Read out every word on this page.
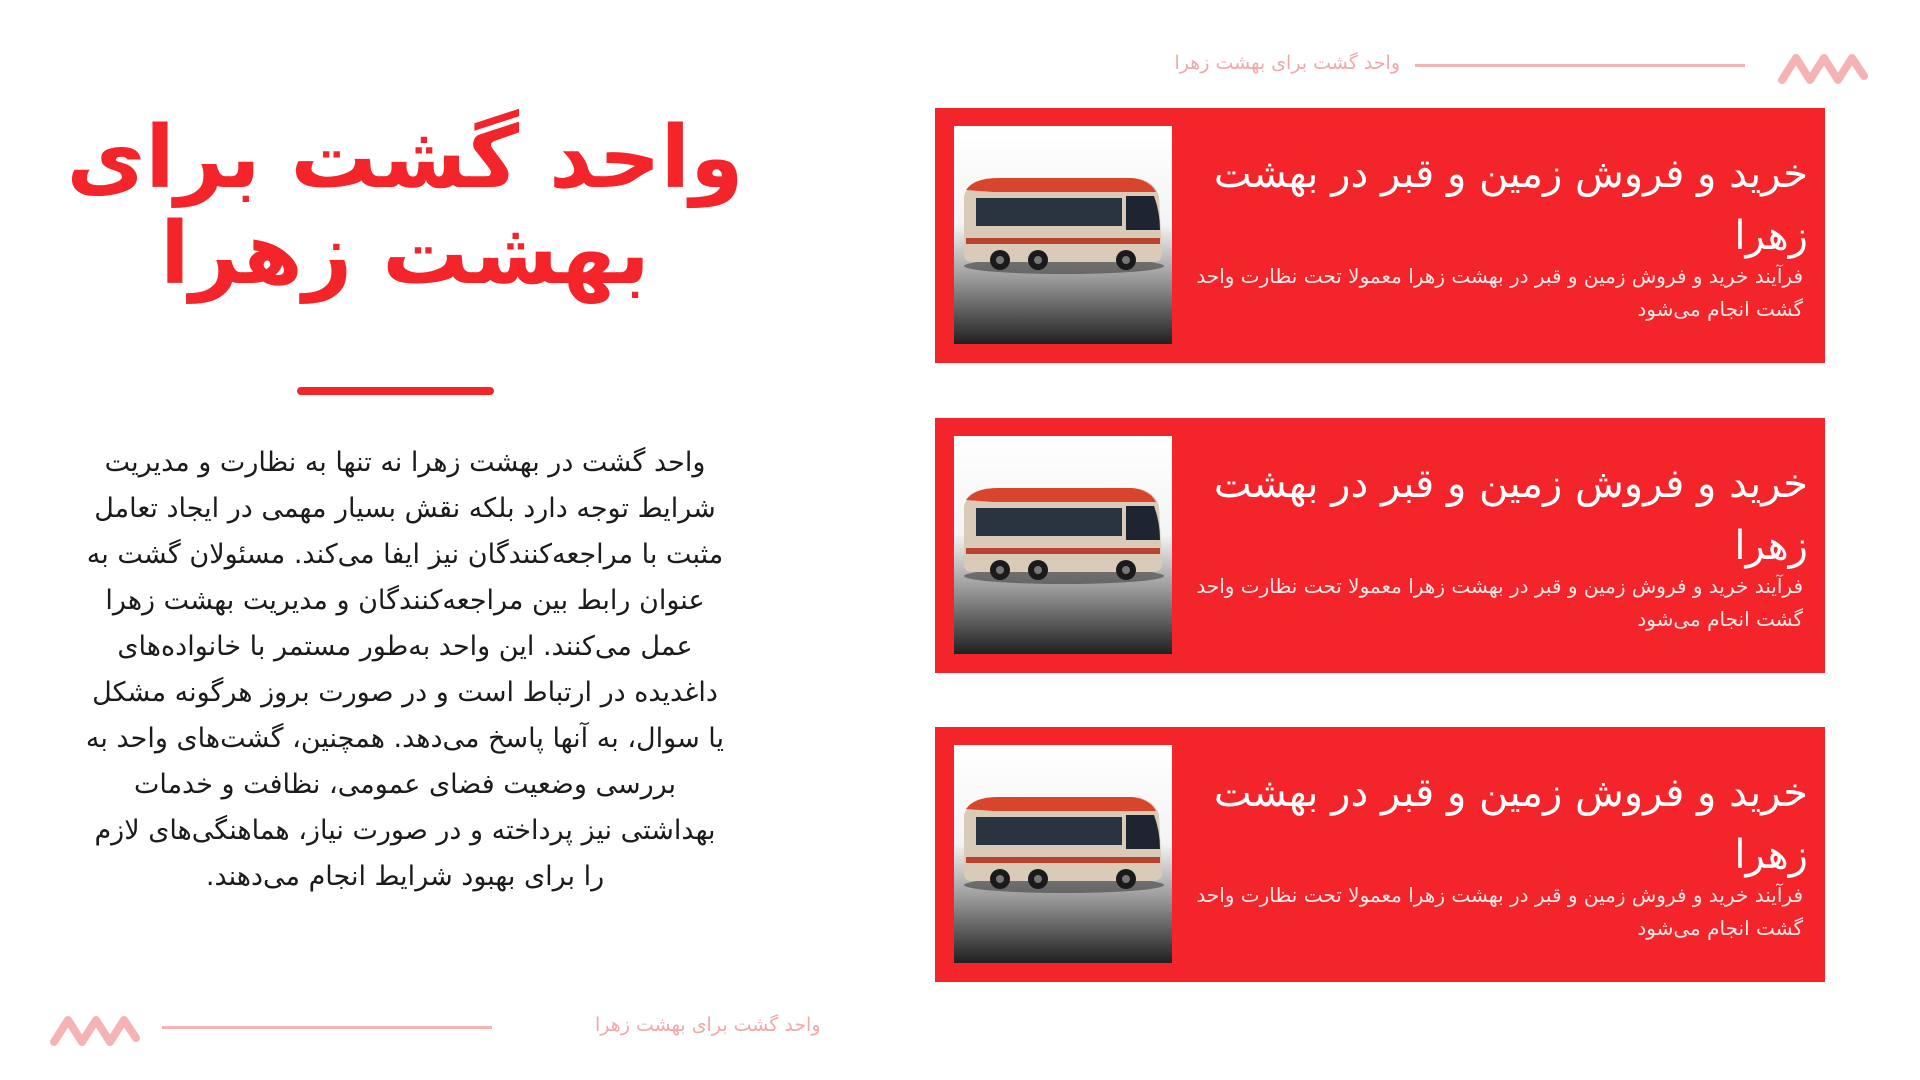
واحد گشت برای بهشت زهرا
واحد گشت برای بهشت زهرا
واحد گشت در بهشت زهرا نه تنها به نظارت و مدیریت شرایط توجه دارد بلکه نقش بسیار مهمی در ایجاد تعامل مثبت با مراجعه‌کنندگان نیز ایفا می‌کند. مسئولان گشت به عنوان رابط بین مراجعه‌کنندگان و مدیریت بهشت زهرا عمل می‌کنند. این واحد به‌طور مستمر با خانواده‌های داغدیده در ارتباط است و در صورت بروز هرگونه مشکل یا سوال، به آنها پاسخ می‌دهد. همچنین، گشت‌های واحد به بررسی وضعیت فضای عمومی، نظافت و خدمات بهداشتی نیز پرداخته و در صورت نیاز، هماهنگی‌های لازم را برای بهبود شرایط انجام می‌دهند.
خرید و فروش زمین و قبر در بهشت زهرا
فرآیند خرید و فروش زمین و قبر در بهشت زهرا معمولا تحت نظارت واحد گشت انجام می‌شود
خرید و فروش زمین و قبر در بهشت زهرا
فرآیند خرید و فروش زمین و قبر در بهشت زهرا معمولا تحت نظارت واحد گشت انجام می‌شود
خرید و فروش زمین و قبر در بهشت زهرا
فرآیند خرید و فروش زمین و قبر در بهشت زهرا معمولا تحت نظارت واحد گشت انجام می‌شود
واحد گشت برای بهشت زهرا
